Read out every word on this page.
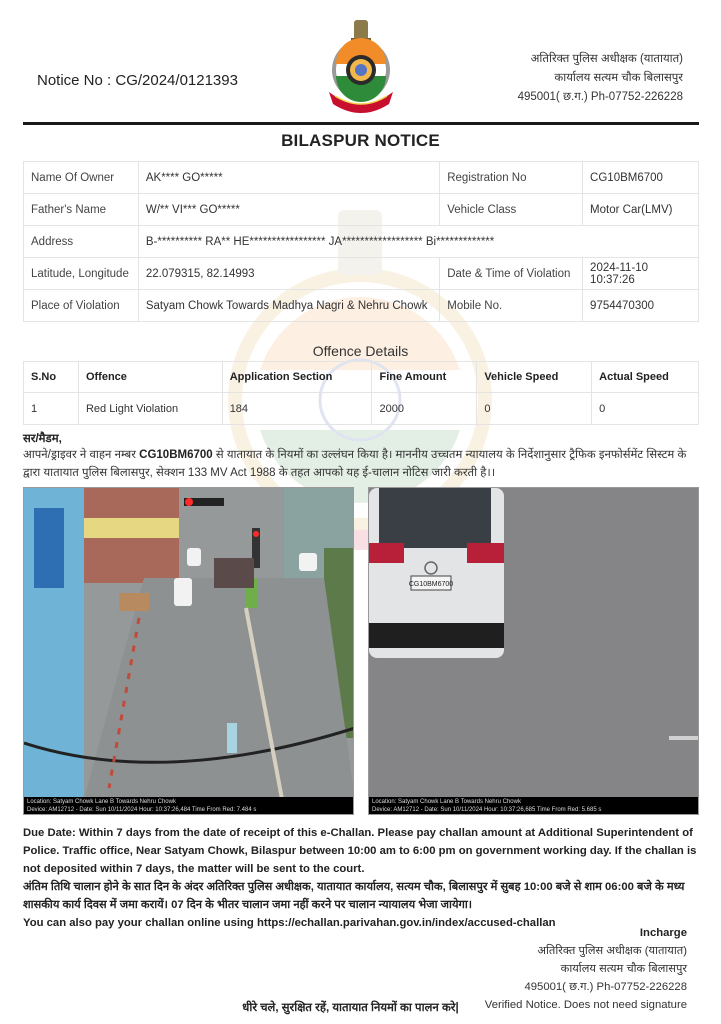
Notice No : CG/2024/0121393
अतिरिक्त पुलिस अधीक्षक (यातायात)
कार्यालय सत्यम चौक बिलासपुर
495001( छ.ग.) Ph-07752-226228
BILASPUR NOTICE
Name Of Owner	AK**** GO*****	Registration No	CG10BM6700
Father's Name	W/** VI*** GO*****	Vehicle Class	Motor Car(LMV)
Address	B-********** RA** HE***************** JA****************** Bi*************		
Latitude, Longitude	22.079315, 82.14993	Date & Time of Violation	2024-11-10 10:37:26
Place of Violation	Satyam Chowk Towards Madhya Nagri & Nehru Chowk	Mobile No.	9754470300
Offence Details
S.No	Offence	Application Section	Fine Amount	Vehicle Speed	Actual Speed
1	Red Light Violation	184	2000	0	0
सर/मैडम,
आपने/ड्राइवर ने वाहन नम्बर CG10BM6700 से यातायात के नियमों का उल्लंघन किया है। माननीय उच्चतम न्यायालय के निर्देशानुसार ट्रैफिक इनफोर्समेंट सिस्टम के द्वारा यातायात पुलिस बिलासपुर, सेक्शन 133 MV Act 1988 के तहत आपको यह ई-चालान नोटिस जारी करती है।।
Location: Satyam Chowk Lane B Towards Nehru Chowk
Device: AM12712 - Date: Sun 10/11/2024 Hour: 10:37:26,484 Time From Red: 7.484 s
CG10BM6700
Location: Satyam Chowk Lane B Towards Nehru Chowk
Device: AM12712 - Date: Sun 10/11/2024 Hour: 10:37:26,685 Time From Red: 5.685 s
Due Date: Within 7 days from the date of receipt of this e-Challan. Please pay challan amount at Additional Superintendent of Police. Traffic office, Near Satyam Chowk, Bilaspur between 10:00 am to 6:00 pm on government working day. If the challan is not deposited within 7 days, the matter will be sent to the court.
अंतिम तिथि चालान होने के सात दिन के अंदर अतिरिक्त पुलिस अधीक्षक, यातायात कार्यालय, सत्यम चौक, बिलासपुर में सुबह 10:00 बजे से शाम 06:00 बजे के मध्य शासकीय कार्य दिवस में जमा करायें। 07 दिन के भीतर चालान जमा नहीं करने पर चालान न्यायालय भेजा जायेगा।
You can also pay your challan online using https://echallan.parivahan.gov.in/index/accused-challan
Incharge
अतिरिक्त पुलिस अधीक्षक (यातायात)
कार्यालय सत्यम चौक बिलासपुर
495001( छ.ग.) Ph-07752-226228
Verified Notice. Does not need signature
धीरे चले, सुरक्षित रहें, यातायात नियमों का पालन करे|
